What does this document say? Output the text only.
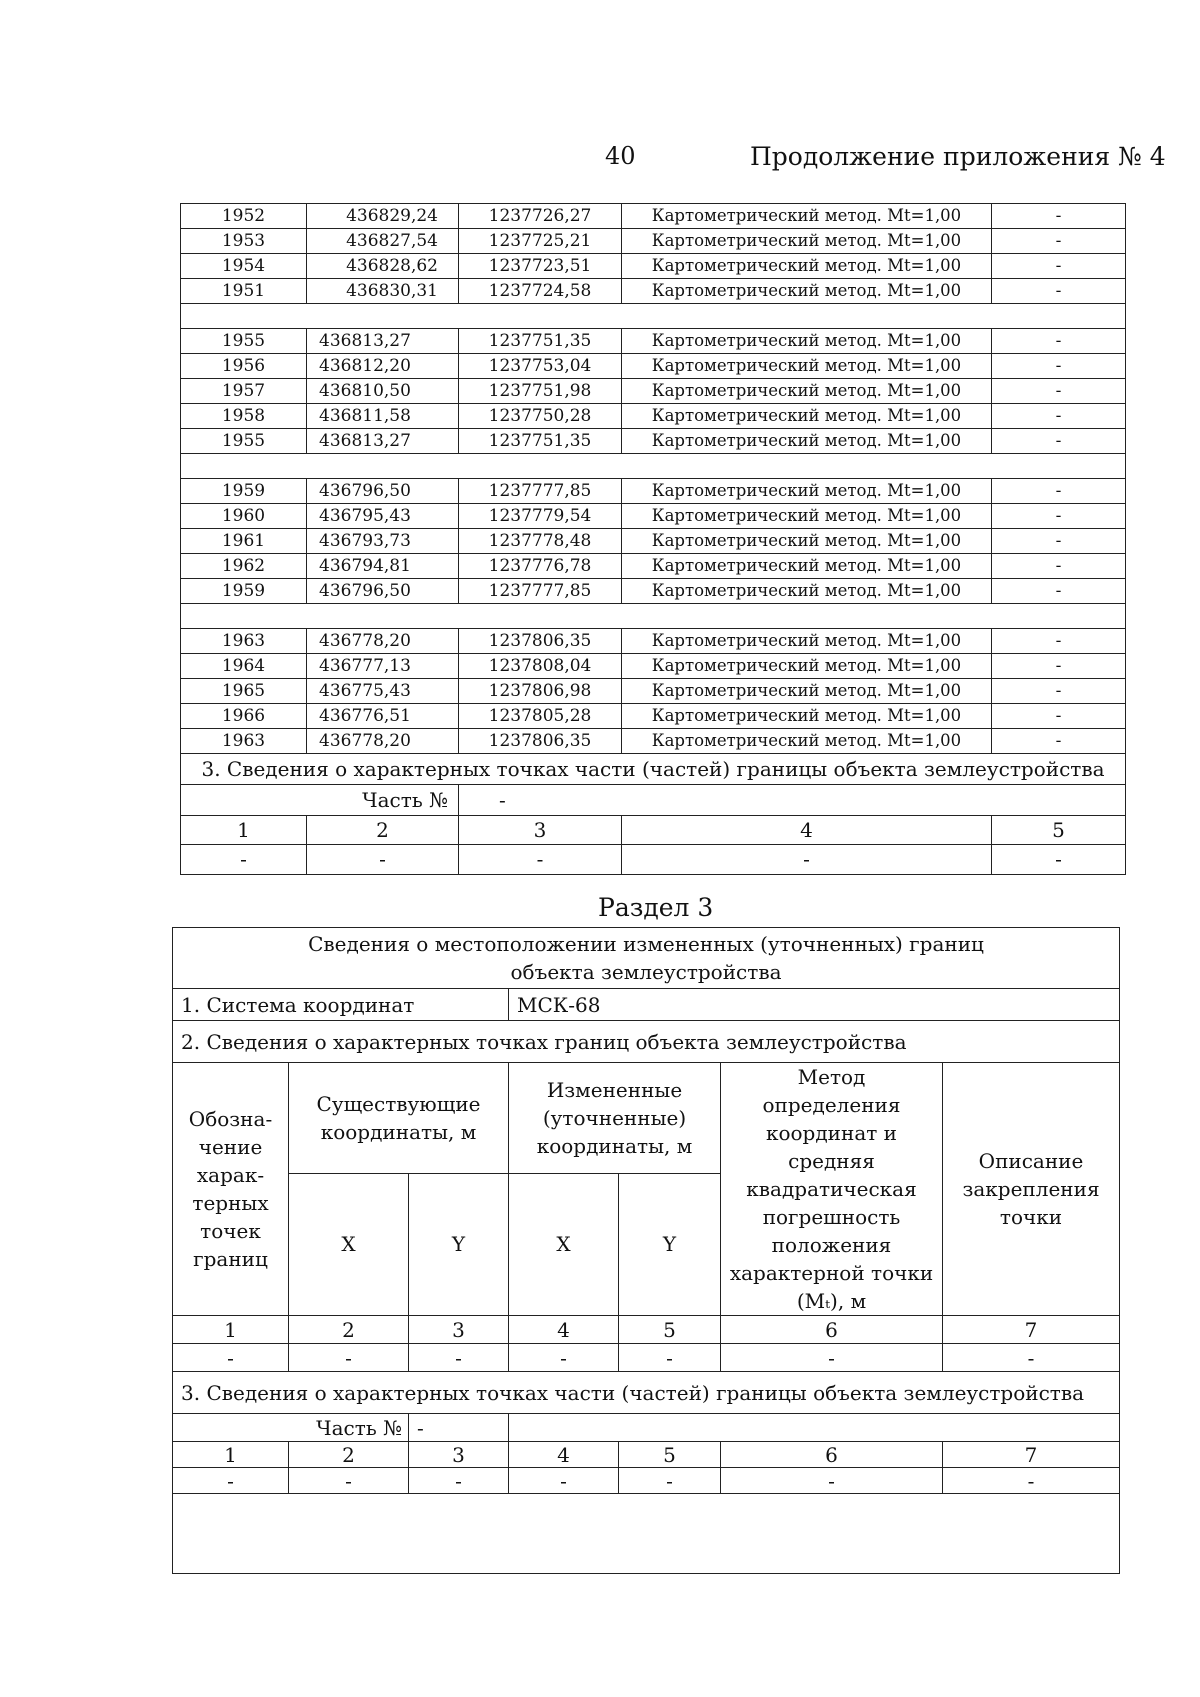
40	Продолжение приложения № 4
1952	436829,24	1237726,27	Картометрический метод. Mt=1,00	-
1953	436827,54	1237725,21	Картометрический метод. Mt=1,00	-
1954	436828,62	1237723,51	Картометрический метод. Mt=1,00	-
1951	436830,31	1237724,58	Картометрический метод. Mt=1,00	-

1955	436813,27	1237751,35	Картометрический метод. Mt=1,00	-
1956	436812,20	1237753,04	Картометрический метод. Mt=1,00	-
1957	436810,50	1237751,98	Картометрический метод. Mt=1,00	-
1958	436811,58	1237750,28	Картометрический метод. Mt=1,00	-
1955	436813,27	1237751,35	Картометрический метод. Mt=1,00	-

1959	436796,50	1237777,85	Картометрический метод. Mt=1,00	-
1960	436795,43	1237779,54	Картометрический метод. Mt=1,00	-
1961	436793,73	1237778,48	Картометрический метод. Mt=1,00	-
1962	436794,81	1237776,78	Картометрический метод. Mt=1,00	-
1959	436796,50	1237777,85	Картометрический метод. Mt=1,00	-

1963	436778,20	1237806,35	Картометрический метод. Mt=1,00	-
1964	436777,13	1237808,04	Картометрический метод. Mt=1,00	-
1965	436775,43	1237806,98	Картометрический метод. Mt=1,00	-
1966	436776,51	1237805,28	Картометрический метод. Mt=1,00	-
1963	436778,20	1237806,35	Картометрический метод. Mt=1,00	-
3. Сведения о характерных точках части (частей) границы объекта землеустройства				
Часть №		-		
1	2	3	4	5
-	-	-	-	-
Раздел 3
Сведения о местоположении измененных (уточненных) границ объекта землеустройства						
1. Система координат			МСК-68			
2. Сведения о характерных точках границ объекта землеустройства						
Обозна- чение харак- терных точек границ	Существующие координаты, м		Измененные (уточненные) координаты, м		Метод определения координат и средняя квадратическая погрешность положения характерной точки (Mₜ), м	Описание закрепления точки
	X	Y	X	Y		
1	2	3	4	5	6	7
-	-	-	-	-	-	-
3. Сведения о характерных точках части (частей) границы объекта землеустройства						
Часть №		-				
1	2	3	4	5	6	7
-	-	-	-	-	-	-
